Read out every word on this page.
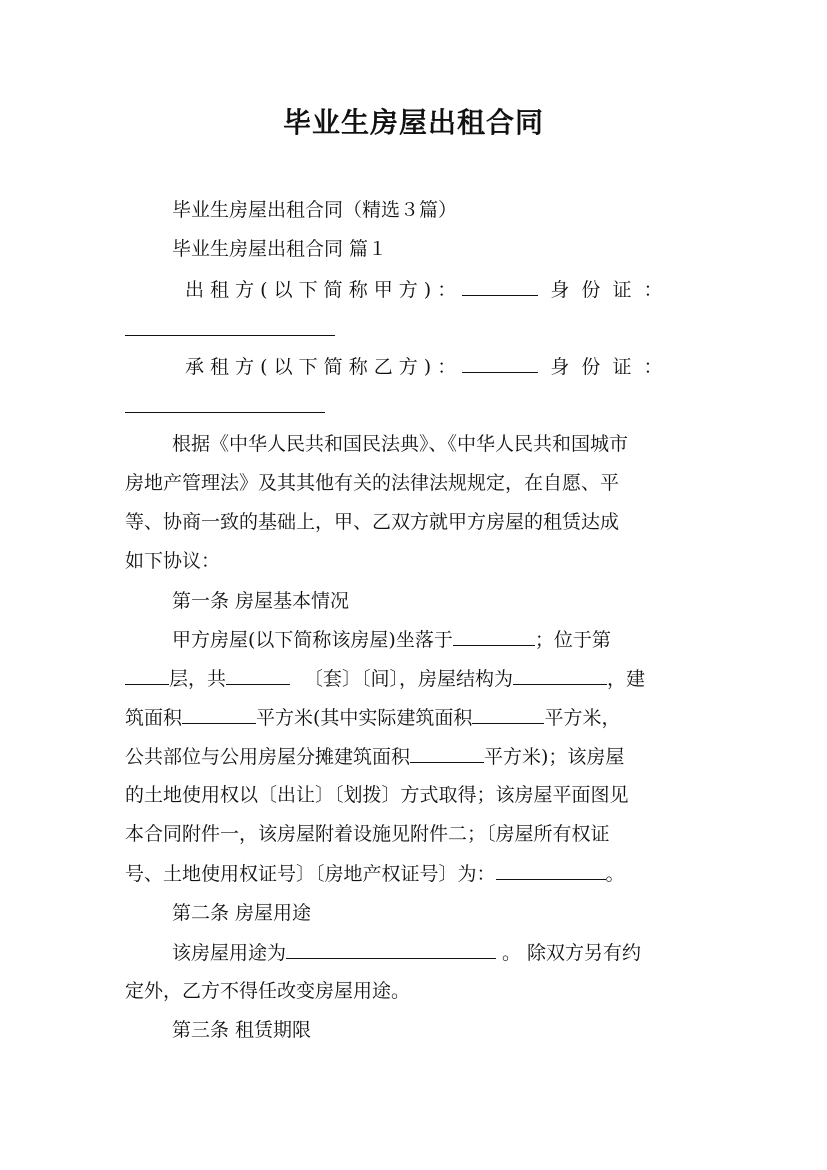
毕业生房屋出租合同
毕业生房屋出租合同（精选３篇）
毕业生房屋出租合同 篇１
出 租 方 ( 以 下 简 称 甲 方 ) ：	身 份 证 ：
承 租 方 ( 以 下 简 称 乙 方 ) ：	身 份 证 ：
根据《中华人民共和国民法典》、《中华人民共和国城市
房地产管理法》及其其他有关的法律法规规定，在自愿、平
等、协商一致的基础上，甲、乙双方就甲方房屋的租赁达成
如下协议：
第一条 房屋基本情况
甲方房屋(以下简称该房屋)坐落于	；位于第
层，共	〔套〕〔间〕，房屋结构为	，建
筑面积	平方米(其中实际建筑面积	平方米，
公共部位与公用房屋分摊建筑面积	平方米)；该房屋
的土地使用权以〔出让〕〔划拨〕方式取得；该房屋平面图见
本合同附件一，该房屋附着设施见附件二；〔房屋所有权证
号、土地使用权证号〕〔房地产权证号〕为：	。
第二条 房屋用途
该房屋用途为	。 除双方另有约
定外，乙方不得任改变房屋用途。
第三条 租赁期限
